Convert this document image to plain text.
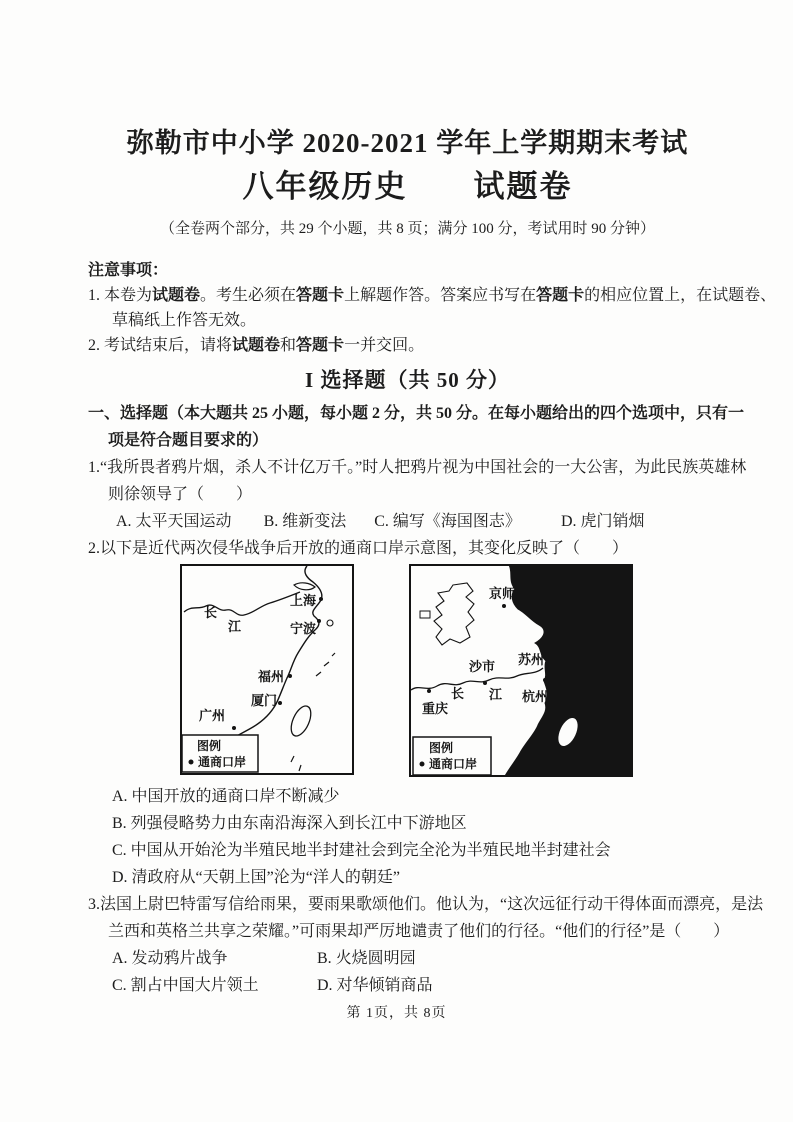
弥勒市中小学 2020-2021 学年上学期期末考试
八年级历史　　试题卷
（全卷两个部分，共 29 个小题，共 8 页；满分 100 分，考试用时 90 分钟）
注意事项：
1. 本卷为试题卷。考生必须在答题卡上解题作答。答案应书写在答题卡的相应位置上，在试题卷、
草稿纸上作答无效。
2. 考试结束后，请将试题卷和答题卡一并交回。
I 选择题（共 50 分）
一、选择题（本大题共 25 小题，每小题 2 分，共 50 分。在每小题给出的四个选项中，只有一
项是符合题目要求的）
1.“我所畏者鸦片烟，杀人不计亿万千。”时人把鸦片视为中国社会的一大公害，为此民族英雄林
则徐领导了（　　）
A. 太平天国运动 B. 维新变法 C. 编写《海国图志》	D. 虎门销烟
2.以下是近代两次侵华战争后开放的通商口岸示意图，其变化反映了（　　）
长
江
上海
宁波
福州
厦门
广州
图例
通商口岸
京师
沙市 苏州
长 江 杭州
重庆
图例
通商口岸
A. 中国开放的通商口岸不断减少
B. 列强侵略势力由东南沿海深入到长江中下游地区
C. 中国从开始沦为半殖民地半封建社会到完全沦为半殖民地半封建社会
D. 清政府从“天朝上国”沦为“洋人的朝廷”
3.法国上尉巴特雷写信给雨果，要雨果歌颂他们。他认为，“这次远征行动干得体面而漂亮，是法
兰西和英格兰共享之荣耀。”可雨果却严厉地谴责了他们的行径。“他们的行径”是（　　）
A. 发动鸦片战争	B. 火烧圆明园
C. 割占中国大片领土	D. 对华倾销商品
第 1页，共 8页
